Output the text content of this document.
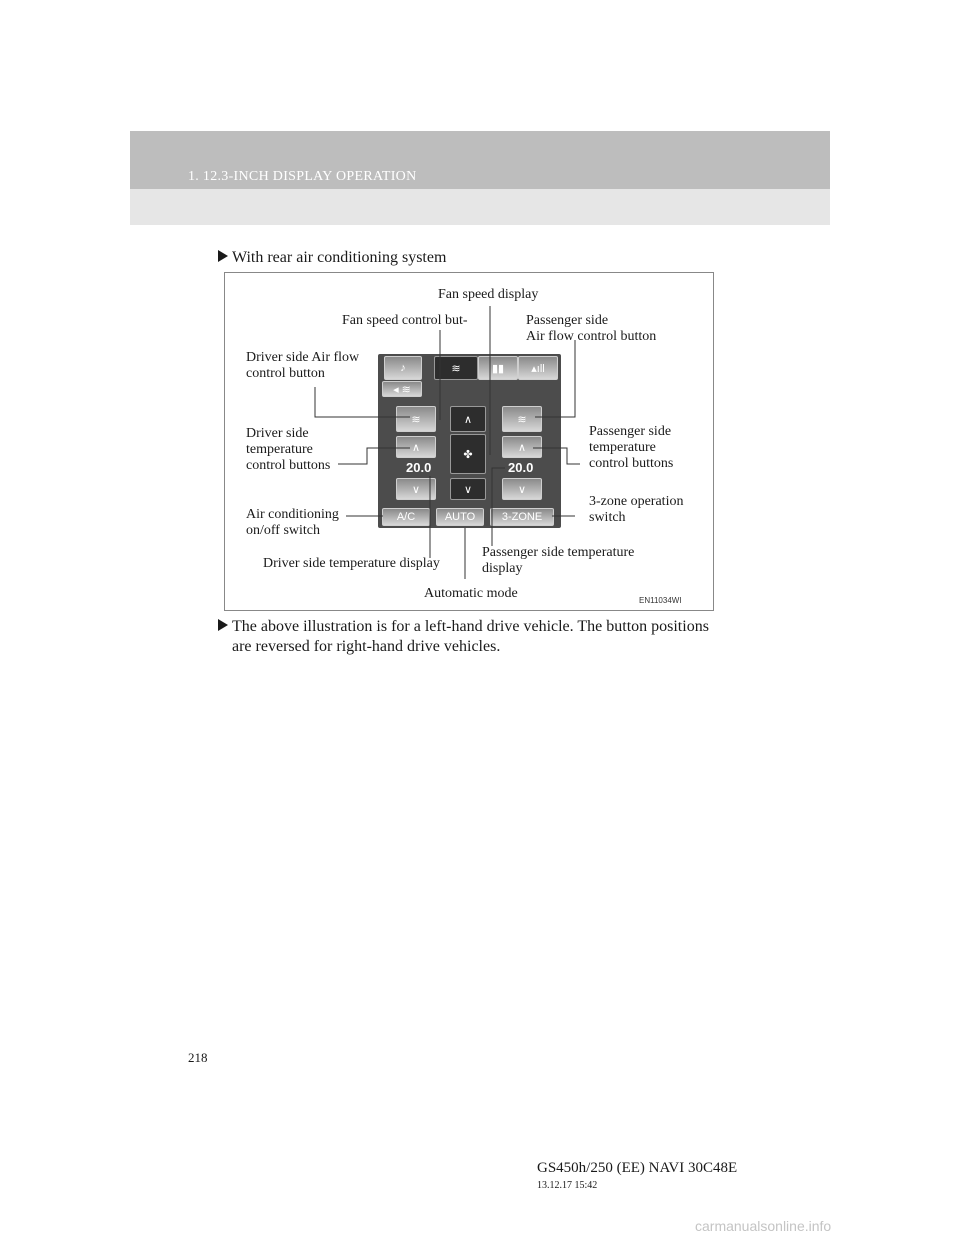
1. 12.3-INCH DISPLAY OPERATION
With rear air conditioning system
♪	≋	▮▮	▴ıll
◂ ≋
≋	∧	≋
∧	∧
✤
20.0	20.0
∨	∨	∨
A/C	AUTO	3-ZONE
Fan speed display
Fan speed control but-	Passenger side
Air flow control button
Driver side Air flow
control button
Driver side
temperature
control buttons
Passenger side
temperature
control buttons
3-zone operation
switch
Air conditioning
on/off switch
Passenger side temperature
display
Driver side temperature display
Automatic mode	EN11034WI
The above illustration is for a left-hand drive vehicle. The button positions
are reversed for right-hand drive vehicles.
218
GS450h/250 (EE) NAVI 30C48E
13.12.17 15:42
carmanualsonline.info
